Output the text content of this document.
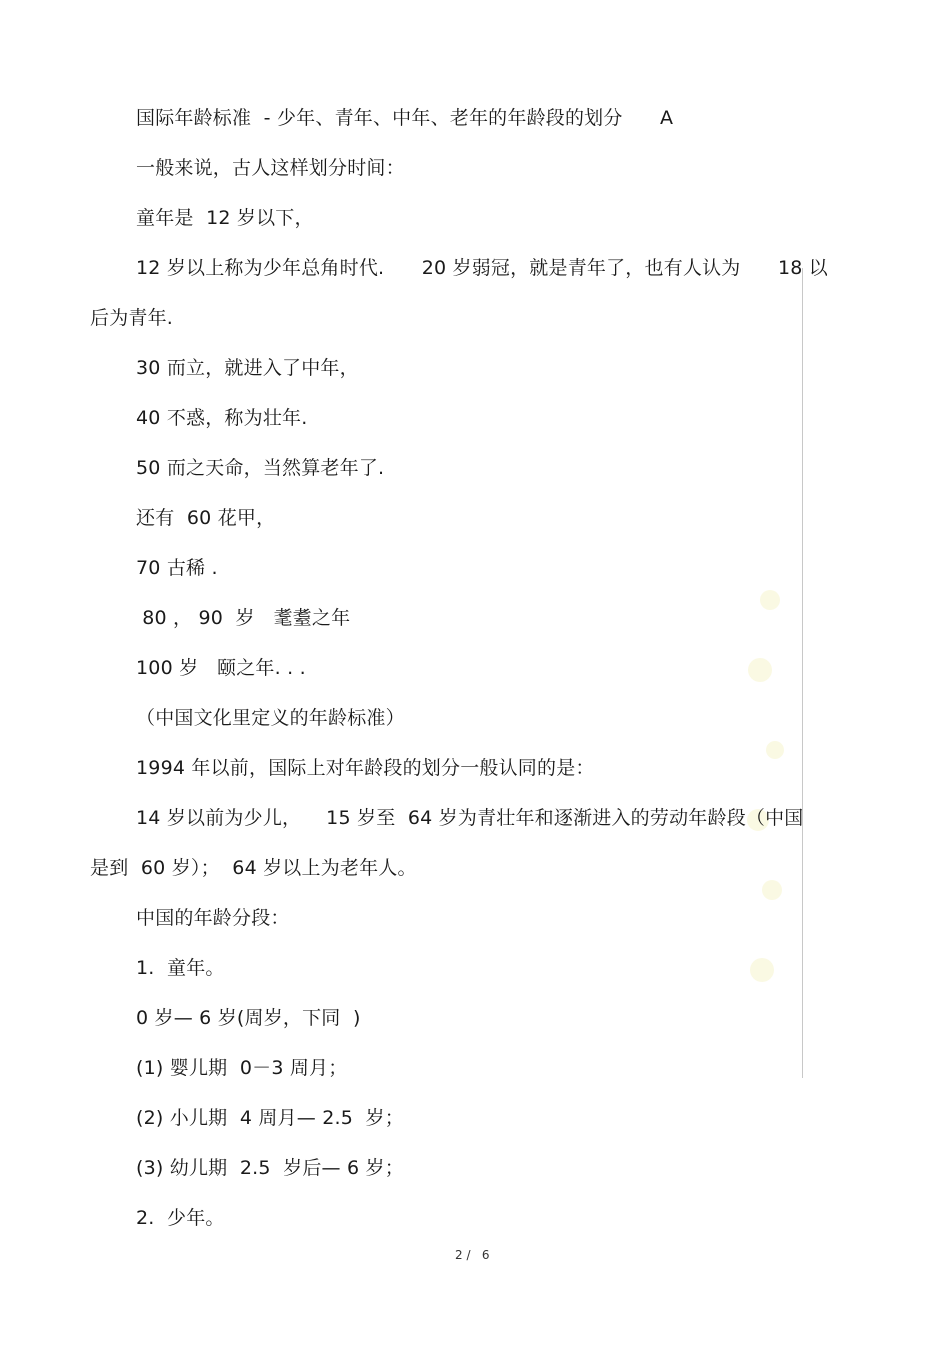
国际年龄标准  - 少年、青年、中年、老年的年龄段的划分      A
一般来说，古人这样划分时间：
童年是  12 岁以下，
12 岁以上称为少年总角时代.      20 岁弱冠，就是青年了，也有人认为      18 以
后为青年.
30 而立，就进入了中年，
40 不惑，称为壮年.
50 而之天命，当然算老年了.
还有  60 花甲，
70 古稀 .
80 ， 90  岁   耄耋之年
100 岁   颐之年. . .
（中国文化里定义的年龄标准）
1994 年以前，国际上对年龄段的划分一般认同的是：
14 岁以前为少儿，    15 岁至  64 岁为青壮年和逐渐进入的劳动年龄段（中国
是到  60 岁）；  64 岁以上为老年人。
中国的年龄分段：
1.  童年。
0 岁— 6 岁(周岁，下同  )
(1) 婴儿期  0－3 周月；
(2) 小儿期  4 周月— 2.5  岁；
(3) 幼儿期  2.5  岁后— 6 岁；
2.  少年。
2 /   6
